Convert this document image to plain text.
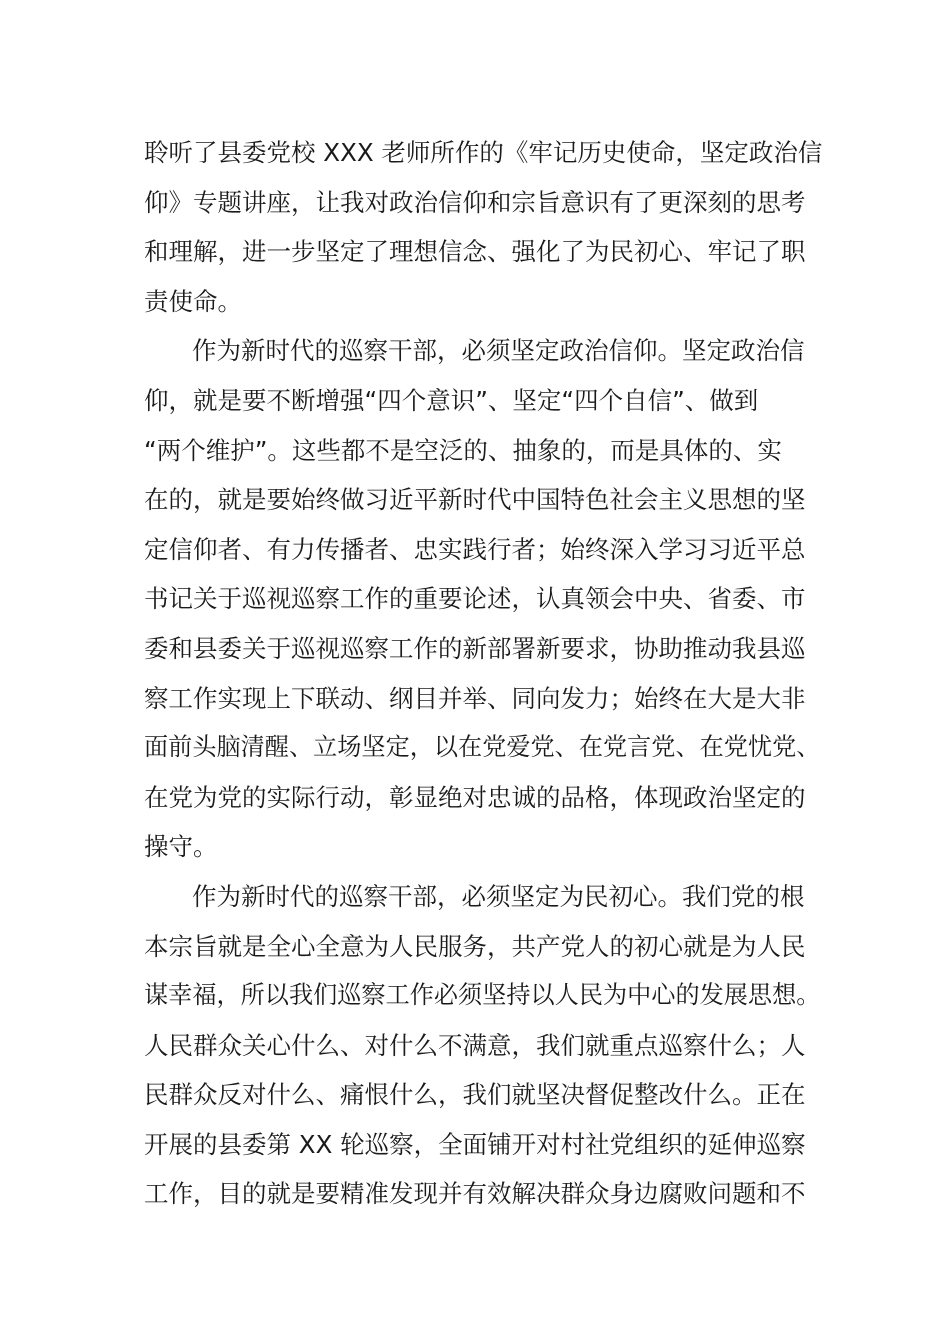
聆听了县委党校 XXX 老师所作的《牢记历史使命，坚定政治信
仰》专题讲座，让我对政治信仰和宗旨意识有了更深刻的思考
和理解，进一步坚定了理想信念、强化了为民初心、牢记了职
责使命。
作为新时代的巡察干部，必须坚定政治信仰。坚定政治信
仰，就是要不断增强“四个意识”、坚定“四个自信”、做到
“两个维护”。这些都不是空泛的、抽象的，而是具体的、实
在的，就是要始终做习近平新时代中国特色社会主义思想的坚
定信仰者、有力传播者、忠实践行者；始终深入学习习近平总
书记关于巡视巡察工作的重要论述，认真领会中央、省委、市
委和县委关于巡视巡察工作的新部署新要求，协助推动我县巡
察工作实现上下联动、纲目并举、同向发力；始终在大是大非
面前头脑清醒、立场坚定，以在党爱党、在党言党、在党忧党、
在党为党的实际行动，彰显绝对忠诚的品格，体现政治坚定的
操守。
作为新时代的巡察干部，必须坚定为民初心。我们党的根
本宗旨就是全心全意为人民服务，共产党人的初心就是为人民
谋幸福，所以我们巡察工作必须坚持以人民为中心的发展思想。
人民群众关心什么、对什么不满意，我们就重点巡察什么；人
民群众反对什么、痛恨什么，我们就坚决督促整改什么。正在
开展的县委第 XX 轮巡察，全面铺开对村社党组织的延伸巡察
工作，目的就是要精准发现并有效解决群众身边腐败问题和不
